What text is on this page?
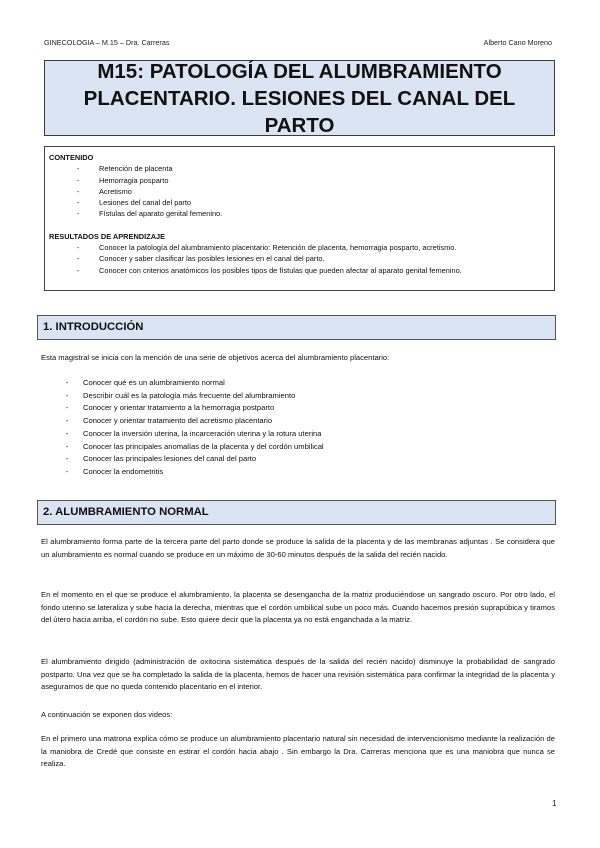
GINECOLOGIA – M.15 – Dra. Carreras	Alberto Cano Moreno
M15: PATOLOGÍA DEL ALUMBRAMIENTO PLACENTARIO. LESIONES DEL CANAL DEL PARTO
CONTENIDO
-	Retención de placenta
-	Hemorragia posparto
-	Acretismo
-	Lesiones del canal del parto
-	Fístulas del aparato genital femenino.
RESULTADOS DE APRENDIZAJE
-	Conocer la patología del alumbramiento placentario: Retención de placenta, hemorragia posparto, acretismo.
-	Conocer y saber clasificar las posibles lesiones en el canal del parto.
-	Conocer con criterios anatómicos los posibles tipos de fístulas que pueden afectar al aparato genital femenino.
1. INTRODUCCIÓN
Esta magistral se inicia con la mención de una serie de objetivos acerca del alumbramiento placentario:
-	Conocer qué es un alumbramiento normal
-	Describir cuál es la patología más frecuente del alumbramiento
-	Conocer y orientar tratamiento a la hemorragia postparto
-	Conocer y orientar tratamiento del acretismo placentario
-	Conocer la inversión uterina, la incarceración uterina y la rotura uterina
-	Conocer las principales anomalías de la placenta y del cordón umbilical
-	Conocer las principales lesiones del canal del parto
-	Conocer la endometritis
2. ALUMBRAMIENTO NORMAL
El alumbramiento forma parte de la tercera parte del parto donde se produce la salida de la placenta y de las membranas adjuntas . Se considera que un alumbramiento es normal cuando se produce en un máximo de 30-60 minutos después de la salida del recién nacido.
En el momento en el que se produce el alumbramiento, la placenta se desengancha de la matriz produciéndose un sangrado oscuro. Por otro lado, el fondo uterino se lateraliza y sube hacia la derecha, mientras que el cordón umbilical sube un poco más. Cuando hacemos presión suprapúbica y tiramos del útero hacia arriba, el cordón no sube. Esto quiere decir que la placenta ya no está enganchada a la matriz.
El alumbramiento dirigido (administración de oxitocina sistemática después de la salida del recién nacido) disminuye la probabilidad de sangrado postparto. Una vez que se ha completado la salida de la placenta, hemos de hacer una revisión sistemática para confirmar la integridad de la placenta y asegurarnos de que no queda contenido placentario en el interior.
A continuación se exponen dos videos:
En el primero una matrona explica cómo se produce un alumbramiento placentario natural sin necesidad de intervencionismo mediante la realización de la maniobra de Credé que consiste en estirar el cordón hacia abajo . Sin embargo la Dra. Carreras menciona que es una maniobra que nunca se realiza.
1
